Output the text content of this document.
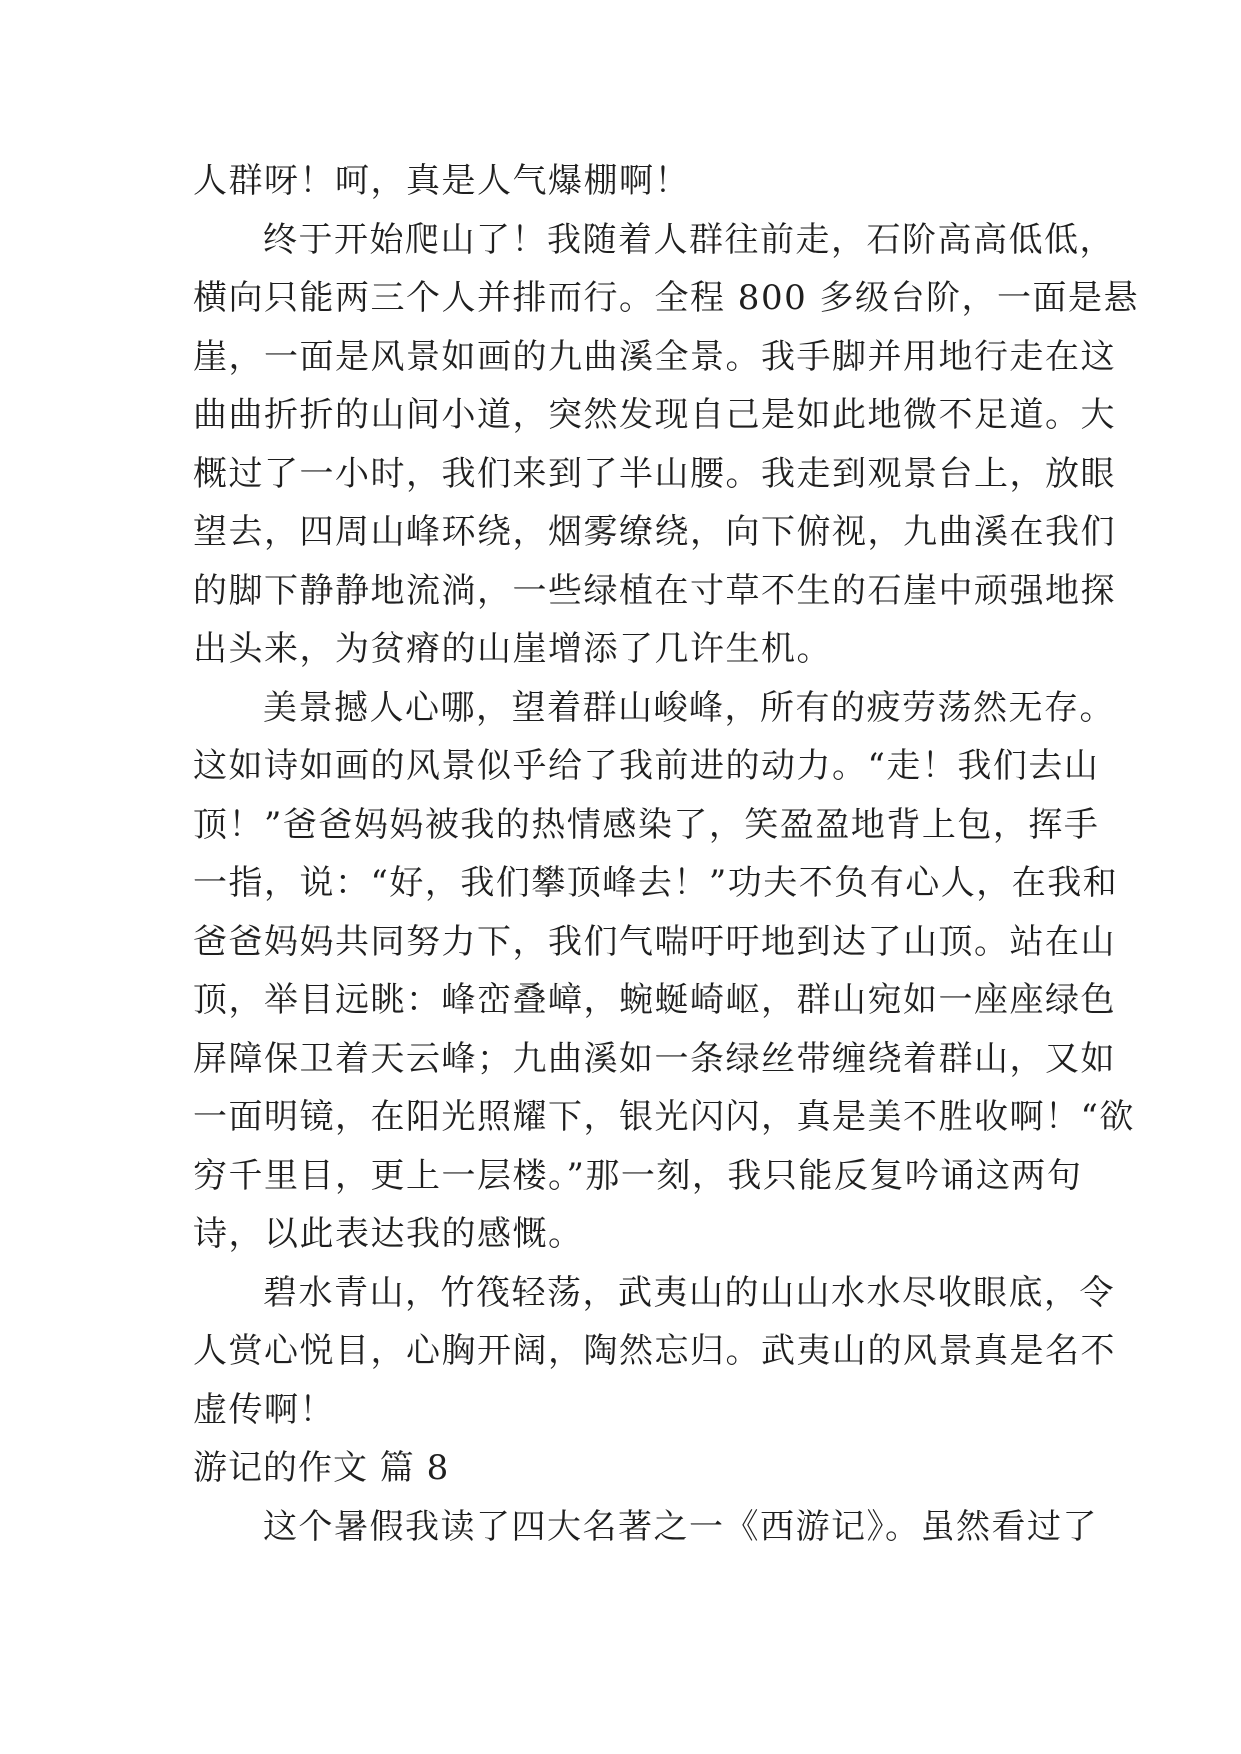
人群呀！呵，真是人气爆棚啊！
终于开始爬山了！我随着人群往前走，石阶高高低低，
横向只能两三个人并排而行。全程 800 多级台阶，一面是悬
崖，一面是风景如画的九曲溪全景。我手脚并用地行走在这
曲曲折折的山间小道，突然发现自己是如此地微不足道。大
概过了一小时，我们来到了半山腰。我走到观景台上，放眼
望去，四周山峰环绕，烟雾缭绕，向下俯视，九曲溪在我们
的脚下静静地流淌，一些绿植在寸草不生的石崖中顽强地探
出头来，为贫瘠的山崖增添了几许生机。
美景撼人心哪，望着群山峻峰，所有的疲劳荡然无存。
这如诗如画的风景似乎给了我前进的动力。“走！我们去山
顶！”爸爸妈妈被我的热情感染了，笑盈盈地背上包，挥手
一指，说：“好，我们攀顶峰去！”功夫不负有心人，在我和
爸爸妈妈共同努力下，我们气喘吁吁地到达了山顶。站在山
顶，举目远眺：峰峦叠嶂，蜿蜒崎岖，群山宛如一座座绿色
屏障保卫着天云峰；九曲溪如一条绿丝带缠绕着群山，又如
一面明镜，在阳光照耀下，银光闪闪，真是美不胜收啊！“欲
穷千里目，更上一层楼。”那一刻，我只能反复吟诵这两句
诗，以此表达我的感慨。
碧水青山，竹筏轻荡，武夷山的山山水水尽收眼底，令
人赏心悦目，心胸开阔，陶然忘归。武夷山的风景真是名不
虚传啊！
游记的作文 篇 8
这个暑假我读了四大名著之一《西游记》。虽然看过了
